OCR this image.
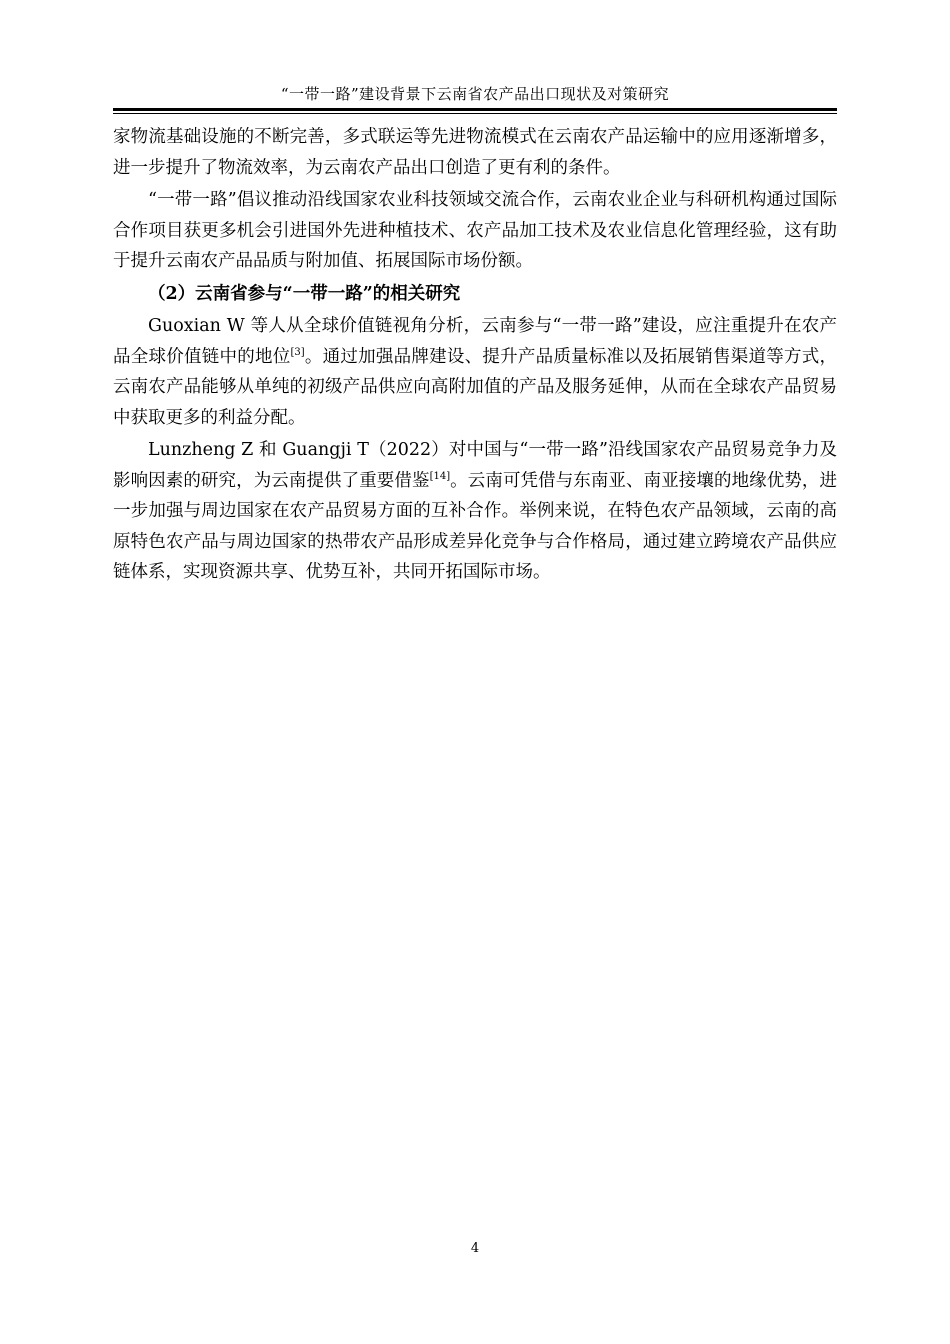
“一带一路”建设背景下云南省农产品出口现状及对策研究

家物流基础设施的不断完善，多式联运等先进物流模式在云南农产品运输中的应用逐渐增多，进一步提升了物流效率，为云南农产品出口创造了更有利的条件。

“一带一路”倡议推动沿线国家农业科技领域交流合作，云南农业企业与科研机构通过国际合作项目获更多机会引进国外先进种植技术、农产品加工技术及农业信息化管理经验，这有助于提升云南农产品品质与附加值、拓展国际市场份额。

（2）云南省参与“一带一路”的相关研究

Guoxian W 等人从全球价值链视角分析，云南参与“一带一路”建设，应注重提升在农产品全球价值链中的地位[3]。通过加强品牌建设、提升产品质量标准以及拓展销售渠道等方式，云南农产品能够从单纯的初级产品供应向高附加值的产品及服务延伸，从而在全球农产品贸易中获取更多的利益分配。

Lunzheng Z 和 Guangji T（2022）对中国与“一带一路”沿线国家农产品贸易竞争力及影响因素的研究，为云南提供了重要借鉴[14]。云南可凭借与东南亚、南亚接壤的地缘优势，进一步加强与周边国家在农产品贸易方面的互补合作。举例来说，在特色农产品领域，云南的高原特色农产品与周边国家的热带农产品形成差异化竞争与合作格局，通过建立跨境农产品供应链体系，实现资源共享、优势互补，共同开拓国际市场。

4
